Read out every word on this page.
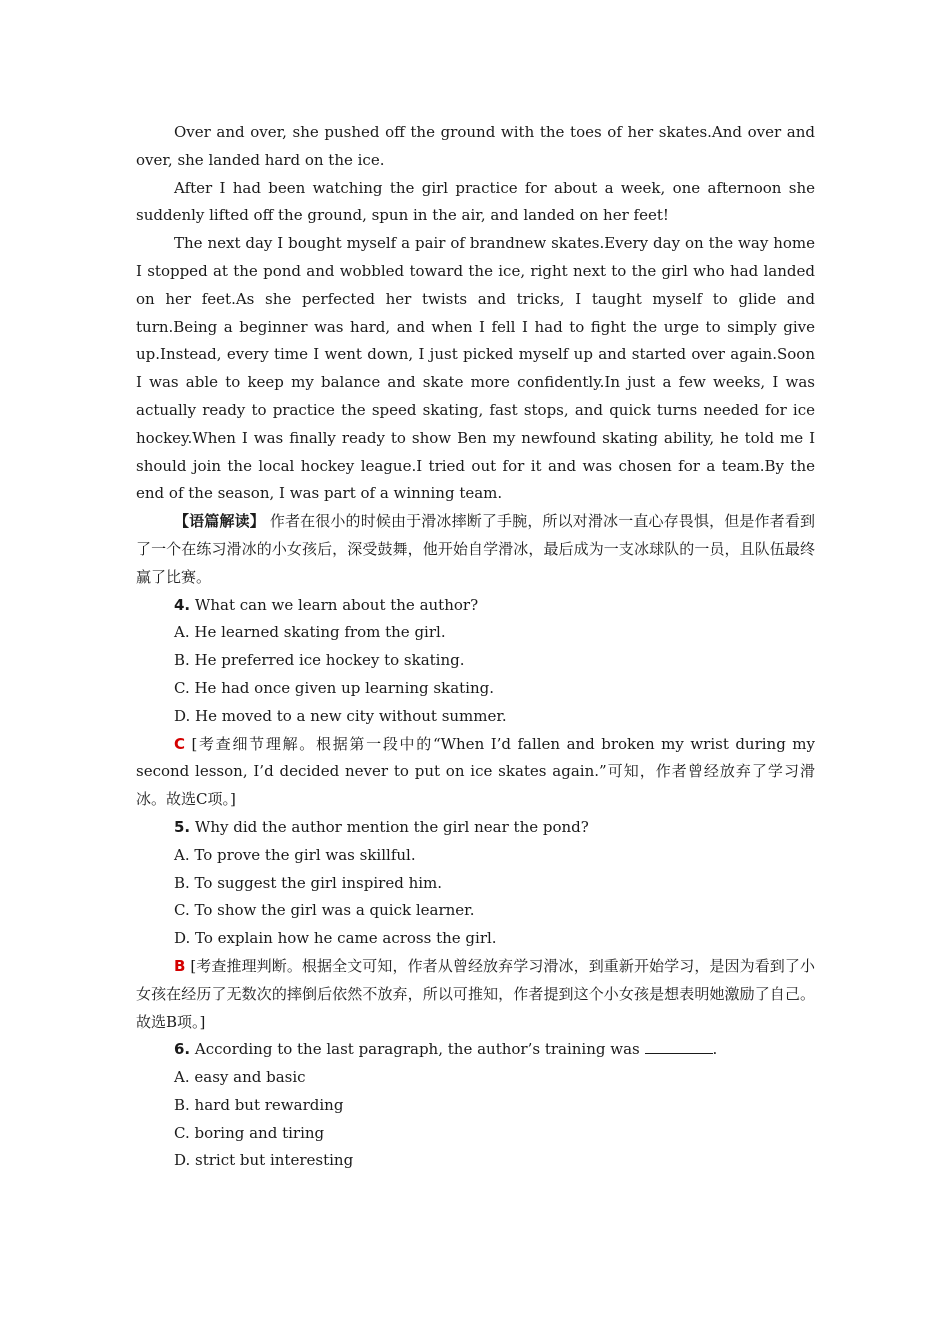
Over and over, she pushed off the ground with the toes of her skates.And over and over, she landed hard on the ice.

After I had been watching the girl practice for about a week, one afternoon she suddenly lifted off the ground, spun in the air, and landed on her feet!

The next day I bought myself a pair of brandnew skates.Every day on the way home I stopped at the pond and wobbled toward the ice, right next to the girl who had landed on her feet.As she perfected her twists and tricks, I taught myself to glide and turn.Being a beginner was hard, and when I fell I had to fight the urge to simply give up.Instead, every time I went down, I just picked myself up and started over again.Soon I was able to keep my balance and skate more confidently.In just a few weeks, I was actually ready to practice the speed skating, fast stops, and quick turns needed for ice hockey.When I was finally ready to show Ben my newfound skating ability, he told me I should join the local hockey league.I tried out for it and was chosen for a team.By the end of the season, I was part of a winning team.

【语篇解读】 作者在很小的时候由于滑冰摔断了手腕，所以对滑冰一直心存畏惧，但是作者看到了一个在练习滑冰的小女孩后，深受鼓舞，他开始自学滑冰，最后成为一支冰球队的一员，且队伍最终赢了比赛。

4. What can we learn about the author?

A. He learned skating from the girl.

B. He preferred ice hockey to skating.

C. He had once given up learning skating.

D. He moved to a new city without summer.

C [考查细节理解。根据第一段中的“When I’d fallen and broken my wrist during my second lesson, I’d decided never to put on ice skates again.”可知，作者曾经放弃了学习滑冰。故选C项。]

5. Why did the author mention the girl near the pond?

A. To prove the girl was skillful.

B. To suggest the girl inspired him.

C. To show the girl was a quick learner.

D. To explain how he came across the girl.

B [考查推理判断。根据全文可知，作者从曾经放弃学习滑冰，到重新开始学习，是因为看到了小女孩在经历了无数次的摔倒后依然不放弃，所以可推知，作者提到这个小女孩是想表明她激励了自己。故选B项。]

6. According to the last paragraph, the author’s training was	.

A. easy and basic

B. hard but rewarding

C. boring and tiring

D. strict but interesting
